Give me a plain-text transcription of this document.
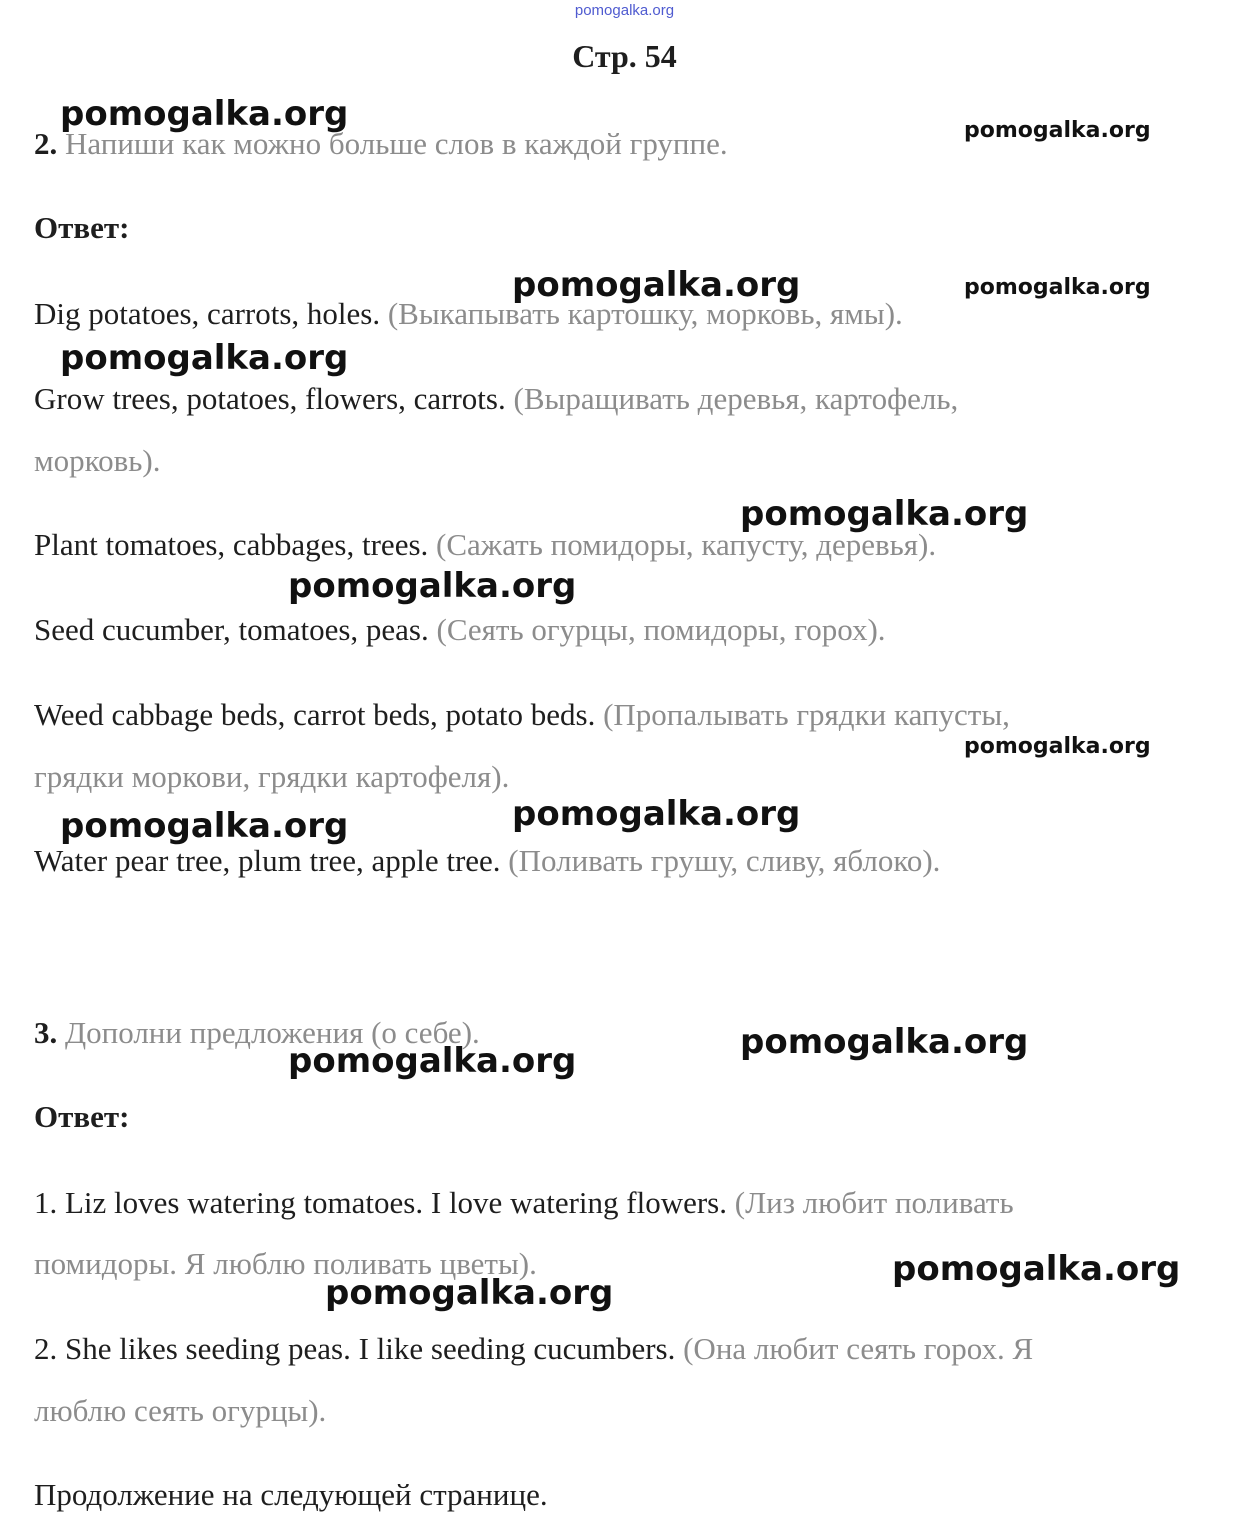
pomogalka.org
Стр. 54
2. Напиши как можно больше слов в каждой группе.
Ответ:
Dig potatoes, carrots, holes. (Выкапывать картошку, морковь, ямы).
Grow trees, potatoes, flowers, carrots. (Выращивать деревья, картофель,
морковь).
Plant tomatoes, cabbages, trees. (Сажать помидоры, капусту, деревья).
Seed cucumber, tomatoes, peas. (Сеять огурцы, помидоры, горох).
Weed cabbage beds, carrot beds, potato beds. (Пропалывать грядки капусты,
грядки моркови, грядки картофеля).
Water pear tree, plum tree, apple tree. (Поливать грушу, сливу, яблоко).
3. Дополни предложения (о себе).
Ответ:
1. Liz loves watering tomatoes. I love watering flowers. (Лиз любит поливать
помидоры. Я люблю поливать цветы).
2. She likes seeding peas. I like seeding cucumbers. (Она любит сеять горох. Я
люблю сеять огурцы).
Продолжение на следующей странице.
pomogalka.org	pomogalka.org
pomogalka.org	pomogalka.org
pomogalka.org
pomogalka.org
pomogalka.org
pomogalka.org
pomogalka.org
pomogalka.org
pomogalka.org
pomogalka.org
pomogalka.org
pomogalka.org
